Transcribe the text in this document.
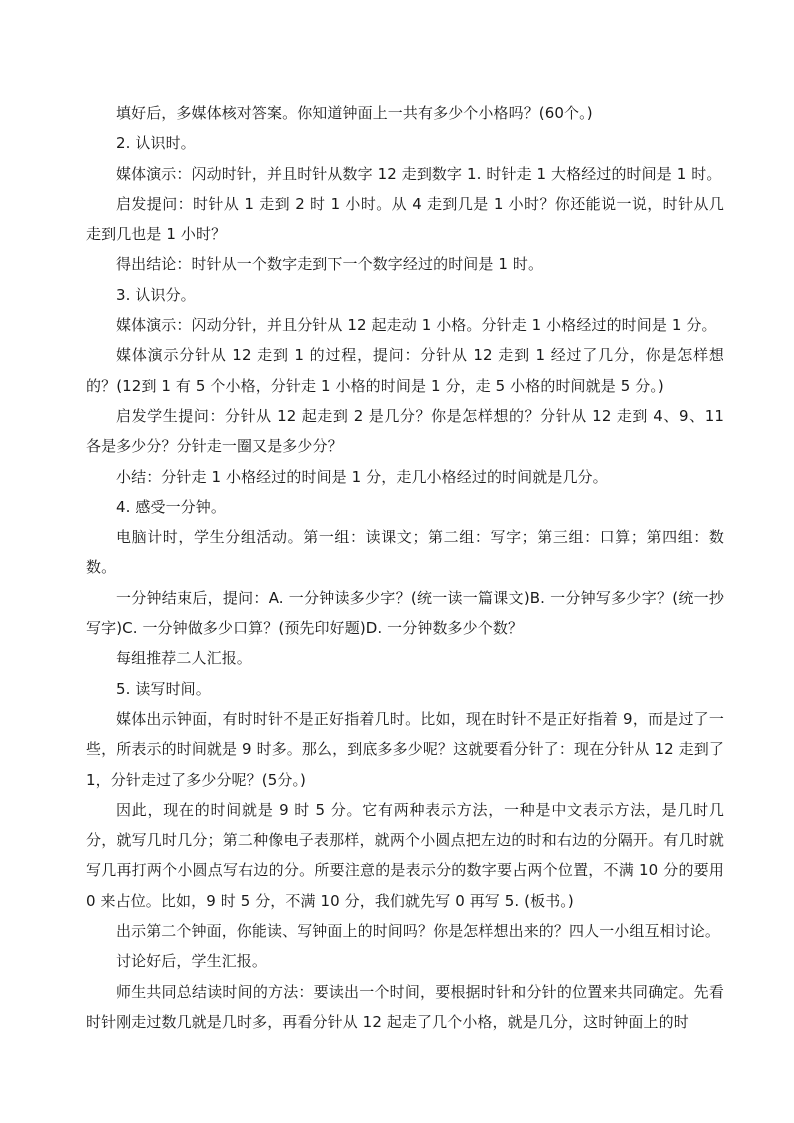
填好后，多媒体核对答案。你知道钟面上一共有多少个小格吗？(60个。)

2. 认识时。

媒体演示：闪动时针，并且时针从数字 12 走到数字 1. 时针走 1 大格经过的时间是 1 时。

启发提问：时针从 1 走到 2 时 1 小时。从 4 走到几是 1 小时？你还能说一说，时针从几走到几也是 1 小时？

得出结论：时针从一个数字走到下一个数字经过的时间是 1 时。

3. 认识分。

媒体演示：闪动分针，并且分针从 12 起走动 1 小格。分针走 1 小格经过的时间是 1 分。

媒体演示分针从 12 走到 1 的过程，提问：分针从 12 走到 1 经过了几分，你是怎样想的？(12到 1 有 5 个小格，分针走 1 小格的时间是 1 分，走 5 小格的时间就是 5 分。)

启发学生提问：分针从 12 起走到 2 是几分？你是怎样想的？分针从 12 走到 4、9、11 各是多少分？分针走一圈又是多少分？

小结：分针走 1 小格经过的时间是 1 分，走几小格经过的时间就是几分。

4. 感受一分钟。

电脑计时，学生分组活动。第一组：读课文；第二组：写字；第三组：口算；第四组：数数。

一分钟结束后，提问：A. 一分钟读多少字？(统一读一篇课文)B. 一分钟写多少字？(统一抄写字)C. 一分钟做多少口算？(预先印好题)D. 一分钟数多少个数？

每组推荐二人汇报。

5. 读写时间。

媒体出示钟面，有时时针不是正好指着几时。比如，现在时针不是正好指着 9，而是过了一些，所表示的时间就是 9 时多。那么，到底多多少呢？这就要看分针了：现在分针从 12 走到了 1，分针走过了多少分呢？(5分。)

因此，现在的时间就是 9 时 5 分。它有两种表示方法，一种是中文表示方法，是几时几分，就写几时几分；第二种像电子表那样，就两个小圆点把左边的时和右边的分隔开。有几时就写几再打两个小圆点写右边的分。所要注意的是表示分的数字要占两个位置，不满 10 分的要用 0 来占位。比如，9 时 5 分，不满 10 分，我们就先写 0 再写 5. (板书。)

出示第二个钟面，你能读、写钟面上的时间吗？你是怎样想出来的？四人一小组互相讨论。

讨论好后，学生汇报。

师生共同总结读时间的方法：要读出一个时间，要根据时针和分针的位置来共同确定。先看时针刚走过数几就是几时多，再看分针从 12 起走了几个小格，就是几分，这时钟面上的时
